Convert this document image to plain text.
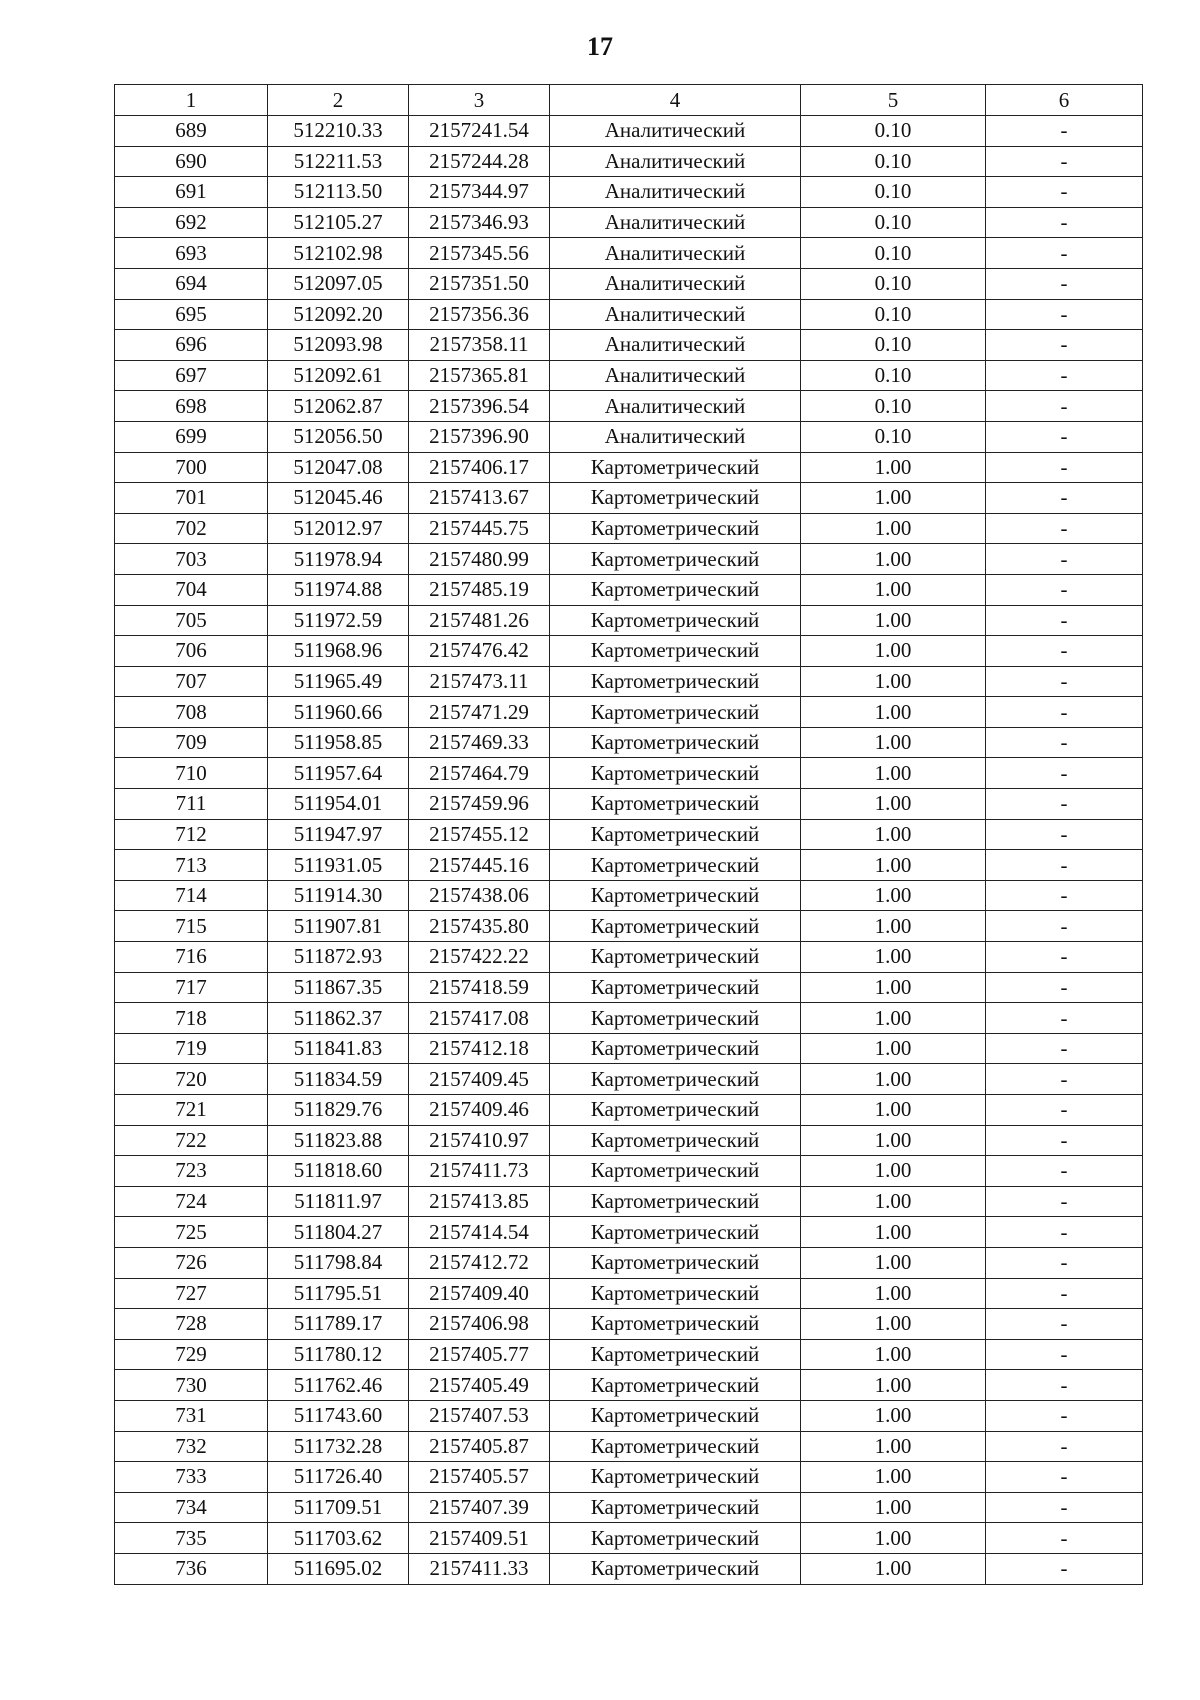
17
1	2	3	4	5	6
689	512210.33	2157241.54	Аналитический	0.10	-
690	512211.53	2157244.28	Аналитический	0.10	-
691	512113.50	2157344.97	Аналитический	0.10	-
692	512105.27	2157346.93	Аналитический	0.10	-
693	512102.98	2157345.56	Аналитический	0.10	-
694	512097.05	2157351.50	Аналитический	0.10	-
695	512092.20	2157356.36	Аналитический	0.10	-
696	512093.98	2157358.11	Аналитический	0.10	-
697	512092.61	2157365.81	Аналитический	0.10	-
698	512062.87	2157396.54	Аналитический	0.10	-
699	512056.50	2157396.90	Аналитический	0.10	-
700	512047.08	2157406.17	Картометрический	1.00	-
701	512045.46	2157413.67	Картометрический	1.00	-
702	512012.97	2157445.75	Картометрический	1.00	-
703	511978.94	2157480.99	Картометрический	1.00	-
704	511974.88	2157485.19	Картометрический	1.00	-
705	511972.59	2157481.26	Картометрический	1.00	-
706	511968.96	2157476.42	Картометрический	1.00	-
707	511965.49	2157473.11	Картометрический	1.00	-
708	511960.66	2157471.29	Картометрический	1.00	-
709	511958.85	2157469.33	Картометрический	1.00	-
710	511957.64	2157464.79	Картометрический	1.00	-
711	511954.01	2157459.96	Картометрический	1.00	-
712	511947.97	2157455.12	Картометрический	1.00	-
713	511931.05	2157445.16	Картометрический	1.00	-
714	511914.30	2157438.06	Картометрический	1.00	-
715	511907.81	2157435.80	Картометрический	1.00	-
716	511872.93	2157422.22	Картометрический	1.00	-
717	511867.35	2157418.59	Картометрический	1.00	-
718	511862.37	2157417.08	Картометрический	1.00	-
719	511841.83	2157412.18	Картометрический	1.00	-
720	511834.59	2157409.45	Картометрический	1.00	-
721	511829.76	2157409.46	Картометрический	1.00	-
722	511823.88	2157410.97	Картометрический	1.00	-
723	511818.60	2157411.73	Картометрический	1.00	-
724	511811.97	2157413.85	Картометрический	1.00	-
725	511804.27	2157414.54	Картометрический	1.00	-
726	511798.84	2157412.72	Картометрический	1.00	-
727	511795.51	2157409.40	Картометрический	1.00	-
728	511789.17	2157406.98	Картометрический	1.00	-
729	511780.12	2157405.77	Картометрический	1.00	-
730	511762.46	2157405.49	Картометрический	1.00	-
731	511743.60	2157407.53	Картометрический	1.00	-
732	511732.28	2157405.87	Картометрический	1.00	-
733	511726.40	2157405.57	Картометрический	1.00	-
734	511709.51	2157407.39	Картометрический	1.00	-
735	511703.62	2157409.51	Картометрический	1.00	-
736	511695.02	2157411.33	Картометрический	1.00	-
